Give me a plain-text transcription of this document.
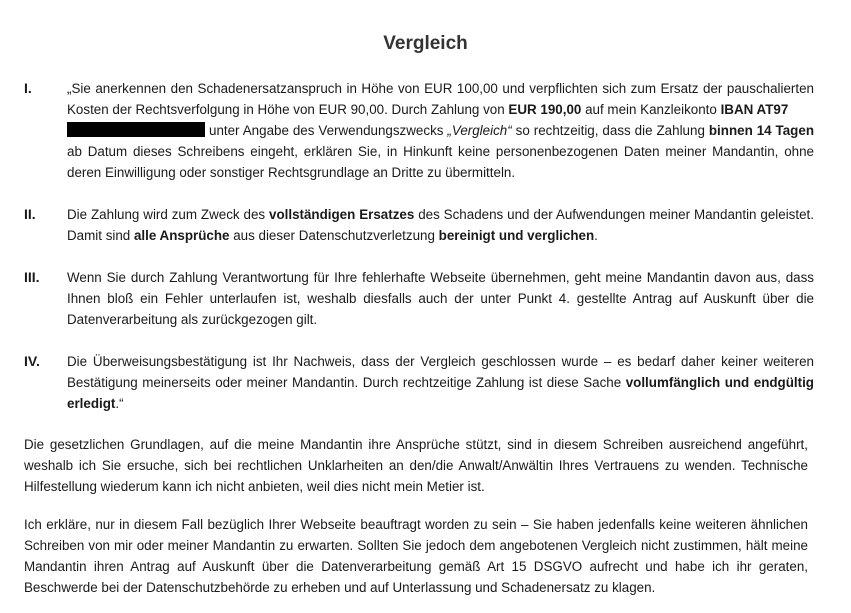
Vergleich
I.	„Sie anerkennen den Schadenersatzanspruch in Höhe von EUR 100,00 und verpflichten sich zum Ersatz der pauschalierten Kosten der Rechtsverfolgung in Höhe von EUR 90,00. Durch Zahlung von EUR 190,00 auf mein Kanzleikonto IBAN AT97
unter Angabe des Verwendungszwecks „Vergleich“ so rechtzeitig, dass die Zahlung binnen 14 Tagen ab Datum dieses Schreibens eingeht, erklären Sie, in Hinkunft keine personenbezogenen Daten meiner Mandantin, ohne deren Einwilligung oder sonstiger Rechtsgrundlage an Dritte zu übermitteln.
II. Die Zahlung wird zum Zweck des vollständigen Ersatzes des Schadens und der Aufwendungen meiner Mandantin geleistet. Damit sind alle Ansprüche aus dieser Datenschutzverletzung bereinigt und verglichen.
III. Wenn Sie durch Zahlung Verantwortung für Ihre fehlerhafte Webseite übernehmen, geht meine Mandantin davon aus, dass Ihnen bloß ein Fehler unterlaufen ist, weshalb diesfalls auch der unter Punkt 4. gestellte Antrag auf Auskunft über die Datenverarbeitung als zurückgezogen gilt.
IV. Die Überweisungsbestätigung ist Ihr Nachweis, dass der Vergleich geschlossen wurde – es bedarf daher keiner weiteren Bestätigung meinerseits oder meiner Mandantin. Durch rechtzeitige Zahlung ist diese Sache vollumfänglich und endgültig erledigt.“
Die gesetzlichen Grundlagen, auf die meine Mandantin ihre Ansprüche stützt, sind in diesem Schreiben ausreichend angeführt, weshalb ich Sie ersuche, sich bei rechtlichen Unklarheiten an den/die Anwalt/Anwältin Ihres Vertrauens zu wenden. Technische Hilfestellung wiederum kann ich nicht anbieten, weil dies nicht mein Metier ist.
Ich erkläre, nur in diesem Fall bezüglich Ihrer Webseite beauftragt worden zu sein – Sie haben jedenfalls keine weiteren ähnlichen Schreiben von mir oder meiner Mandantin zu erwarten. Sollten Sie jedoch dem angebotenen Vergleich nicht zustimmen, hält meine Mandantin ihren Antrag auf Auskunft über die Datenverarbeitung gemäß Art 15 DSGVO aufrecht und habe ich ihr geraten, Beschwerde bei der Datenschutzbehörde zu erheben und auf Unterlassung und Schadenersatz zu klagen.
